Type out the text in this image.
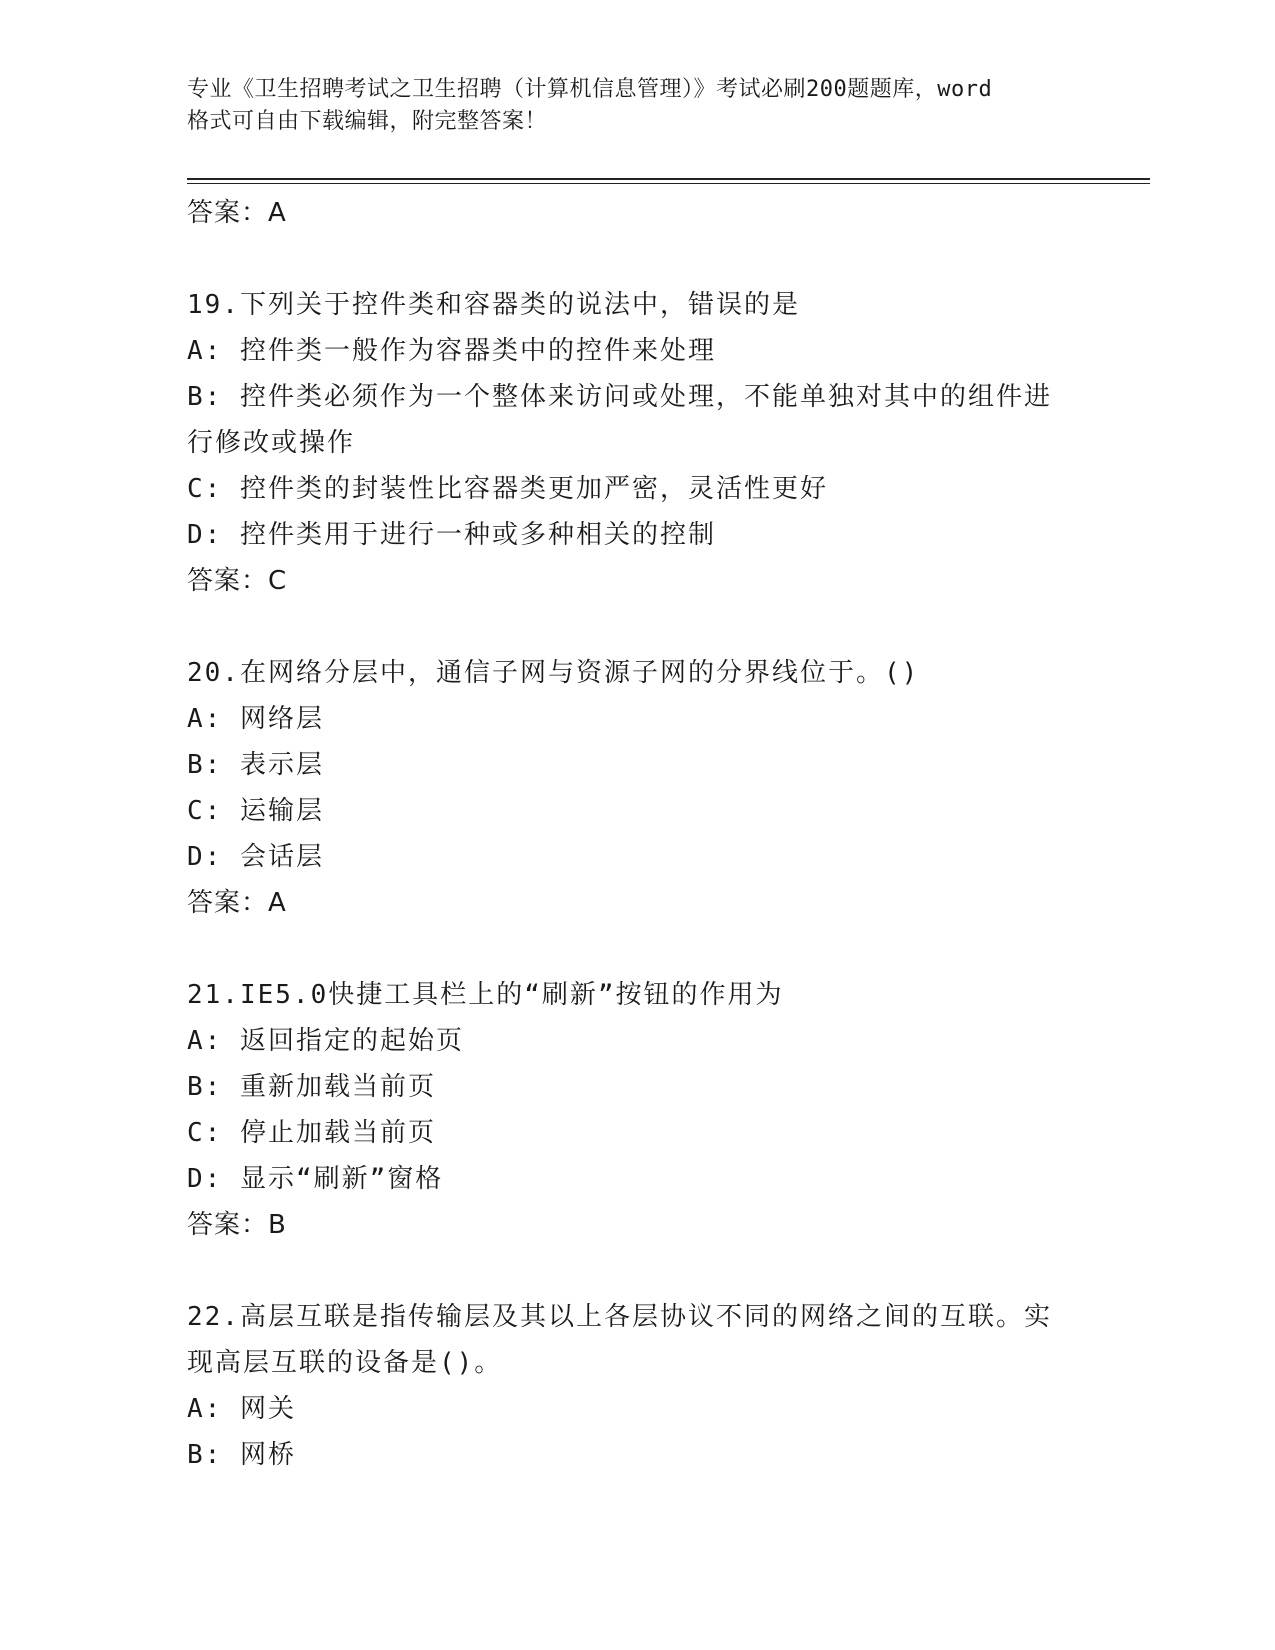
专业《卫生招聘考试之卫生招聘（计算机信息管理）》考试必刷200题题库，word
格式可自由下载编辑，附完整答案！
答案：A
19.下列关于控件类和容器类的说法中，错误的是
A: 控件类一般作为容器类中的控件来处理
B: 控件类必须作为一个整体来访问或处理，不能单独对其中的组件进
行修改或操作
C: 控件类的封装性比容器类更加严密，灵活性更好
D: 控件类用于进行一种或多种相关的控制
答案：C
20.在网络分层中，通信子网与资源子网的分界线位于。()
A: 网络层
B: 表示层
C: 运输层
D: 会话层
答案：A
21.IE5.0快捷工具栏上的“刷新”按钮的作用为
A: 返回指定的起始页
B: 重新加载当前页
C: 停止加载当前页
D: 显示“刷新”窗格
答案：B
22.高层互联是指传输层及其以上各层协议不同的网络之间的互联。实
现高层互联的设备是()。
A: 网关
B: 网桥
